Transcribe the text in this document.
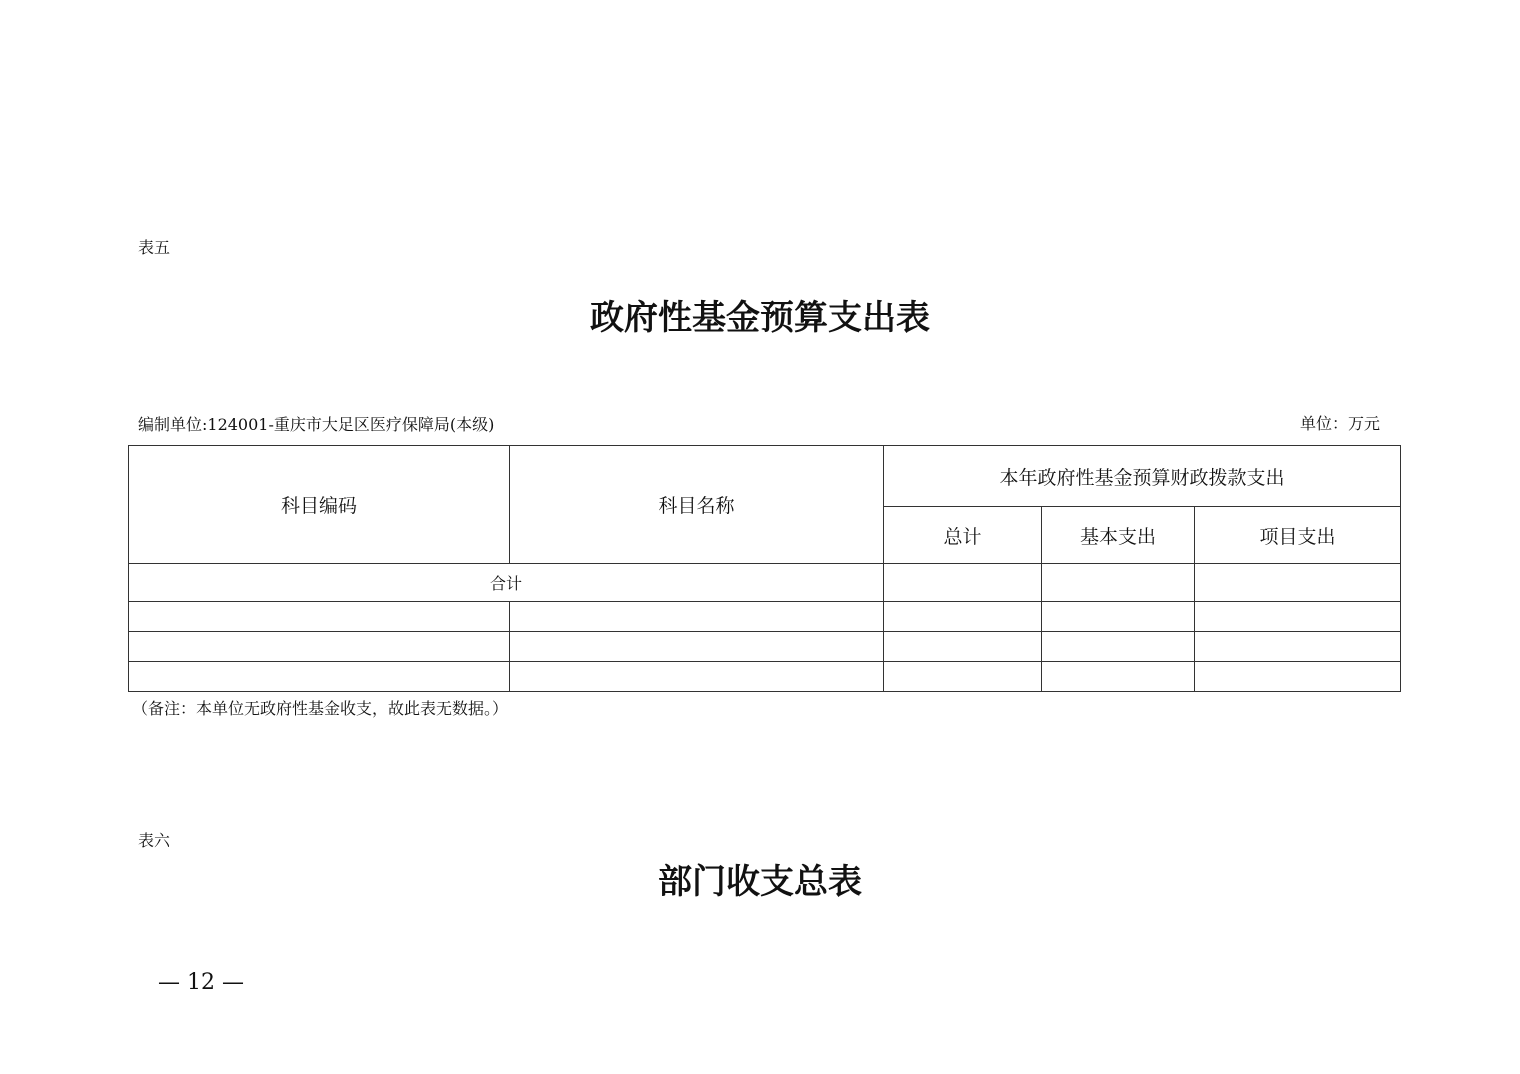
表五
政府性基金预算支出表
编制单位:124001-重庆市大足区医疗保障局(本级)	单位：万元
科目编码	科目名称	本年政府性基金预算财政拨款支出		
		总计	基本支出	项目支出
合计				

（备注：本单位无政府性基金收支，故此表无数据。）
表六
部门收支总表
— 12 —
